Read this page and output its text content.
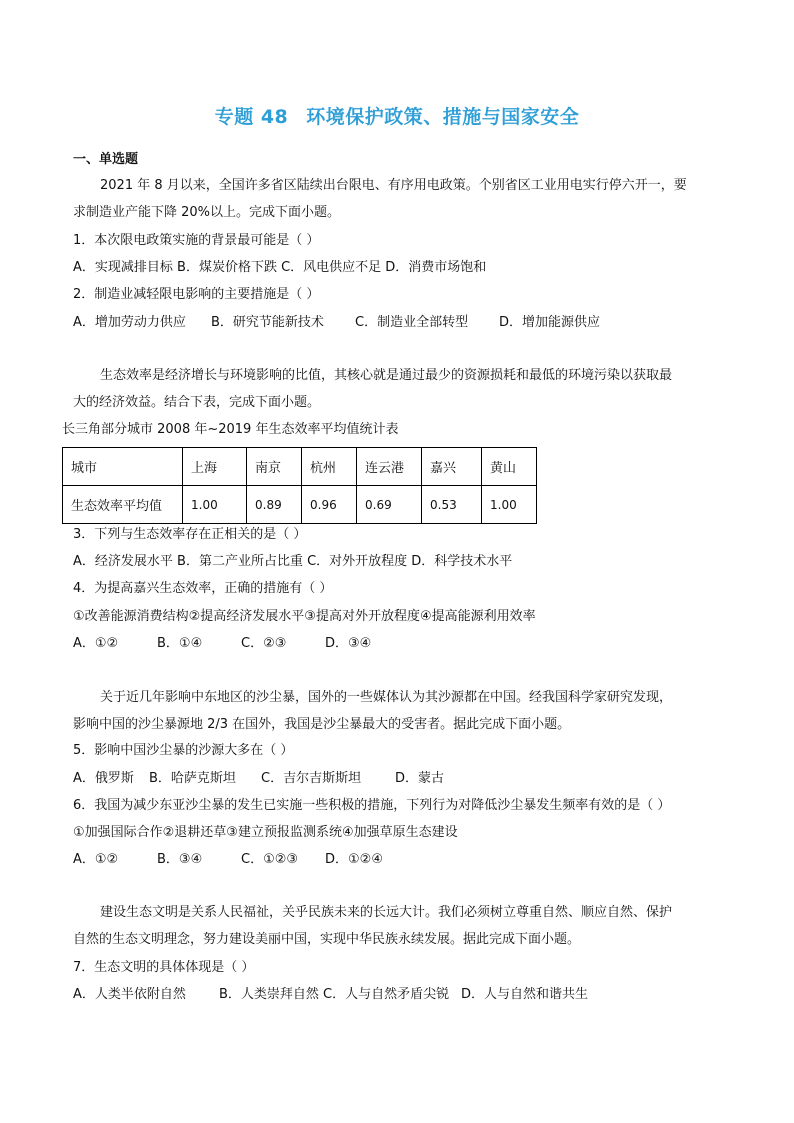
专题 48 环境保护政策、措施与国家安全
一、单选题
2021 年 8 月以来，全国许多省区陆续出台限电、有序用电政策。个别省区工业用电实行停六开一，要
求制造业产能下降 20%以上。完成下面小题。
1．本次限电政策实施的背景最可能是（ ）
A．实现减排目标 B．煤炭价格下跌 C．风电供应不足 D．消费市场饱和
2．制造业减轻限电影响的主要措施是（ ）
A．增加劳动力供应 B．研究节能新技术 C．制造业全部转型 D．增加能源供应
生态效率是经济增长与环境影响的比值，其核心就是通过最少的资源损耗和最低的环境污染以获取最
大的经济效益。结合下表，完成下面小题。
长三角部分城市 2008 年~2019 年生态效率平均值统计表
城市	上海	南京	杭州	连云港	嘉兴	黄山
生态效率平均值	1.00	0.89	0.96	0.69	0.53	1.00
3．下列与生态效率存在正相关的是（ ）
A．经济发展水平 B．第二产业所占比重 C．对外开放程度 D．科学技术水平
4．为提高嘉兴生态效率，正确的措施有（ ）
①改善能源消费结构②提高经济发展水平③提高对外开放程度④提高能源利用效率
A．①②	B．①④	C．②③	D．③④
关于近几年影响中东地区的沙尘暴，国外的一些媒体认为其沙源都在中国。经我国科学家研究发现，
影响中国的沙尘暴源地 2/3 在国外，我国是沙尘暴最大的受害者。据此完成下面小题。
5．影响中国沙尘暴的沙源大多在（ ）
A．俄罗斯 B．哈萨克斯坦 C．吉尔吉斯斯坦	D．蒙古
6．我国为减少东亚沙尘暴的发生已实施一些积极的措施，下列行为对降低沙尘暴发生频率有效的是（ ）
①加强国际合作②退耕还草③建立预报监测系统④加强草原生态建设
A．①②	B．③④	C．①②③ D．①②④
建设生态文明是关系人民福祉，关乎民族未来的长远大计。我们必须树立尊重自然、顺应自然、保护
自然的生态文明理念，努力建设美丽中国，实现中华民族永续发展。据此完成下面小题。
7．生态文明的具体体现是（ ）
A．人类半依附自然	B．人类崇拜自然 C．人与自然矛盾尖锐 D．人与自然和谐共生
